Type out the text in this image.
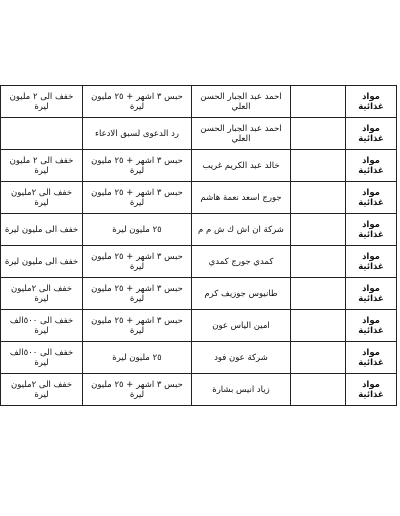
مواد غذائية		احمد عبد الجبار الحسن العلي	حبس ٣ اشهر + ٢٥ مليون ليرة	خفف الى ٢ مليون ليرة
مواد غذائية		احمد عبد الجبار الحسن العلي	رد الدعوى لسبق الادعاء	
مواد غذائية		خالد عبد الكريم غريب	حبس ٣ اشهر + ٢٥ مليون ليرة	خفف الى ٢ مليون ليرة
مواد غذائية		جورج اسعد نعمة هاشم	حبس ٣ اشهر + ٢٥ مليون ليرة	خفف الى ٢مليون ليرة
مواد غذائية		شركة ان اش ك ش م م	٢٥ مليون ليرة	خفف الى مليون ليرة
مواد غذائية		كمدي جورج كمدي	حبس ٣ اشهر + ٢٥ مليون ليرة	خفف الى مليون ليرة
مواد غذائية		طانيوس جوزيف كرم	حبس ٣ اشهر + ٢٥ مليون ليرة	خفف الى ٢مليون ليرة
مواد غذائية		امين الياس عون	حبس ٣ اشهر + ٢٥ مليون ليرة	خفف الى ٥٠٠الف ليرة
مواد غذائية		شركة عون فود	٢٥ مليون ليرة	خفف الى ٥٠٠الف ليرة
مواد غذائية		زياد انيس بشارة	حبس ٣ اشهر + ٢٥ مليون ليرة	خفف الى ٢مليون ليرة
